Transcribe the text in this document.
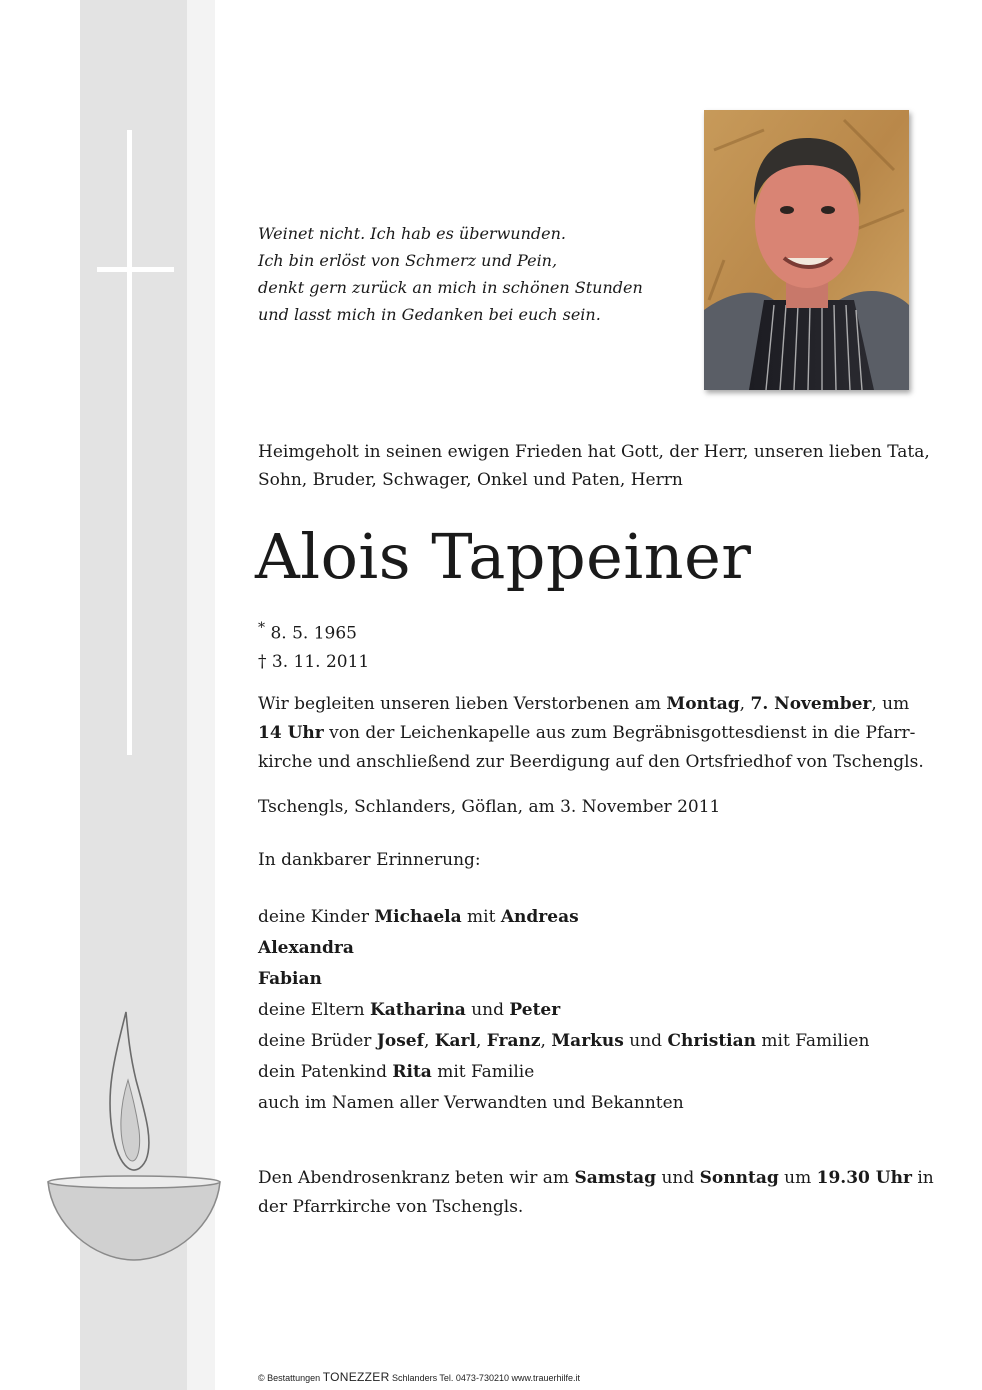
Weinet nicht. Ich hab es überwunden.
Ich bin erlöst von Schmerz und Pein,
denkt gern zurück an mich in schönen Stunden
und lasst mich in Gedanken bei euch sein.
Heimgeholt in seinen ewigen Frieden hat Gott, der Herr, unseren lieben Tata,
Sohn, Bruder, Schwager, Onkel und Paten, Herrn
Alois Tappeiner
* 8. 5. 1965
† 3. 11. 2011
Wir begleiten unseren lieben Verstorbenen am Montag, 7. November, um
14 Uhr von der Leichenkapelle aus zum Begräbnisgottesdienst in die Pfarr-
kirche und anschließend zur Beerdigung auf den Ortsfriedhof von Tschengls.
Tschengls, Schlanders, Göflan, am 3. November 2011
In dankbarer Erinnerung:
deine Kinder Michaela mit Andreas
Alexandra
Fabian
deine Eltern Katharina und Peter
deine Brüder Josef, Karl, Franz, Markus und Christian mit Familien
dein Patenkind Rita mit Familie
auch im Namen aller Verwandten und Bekannten
Den Abendrosenkranz beten wir am Samstag und Sonntag um 19.30 Uhr in
der Pfarrkirche von Tschengls.
© Bestattungen TONEZZER Schlanders Tel. 0473-730210 www.trauerhilfe.it
